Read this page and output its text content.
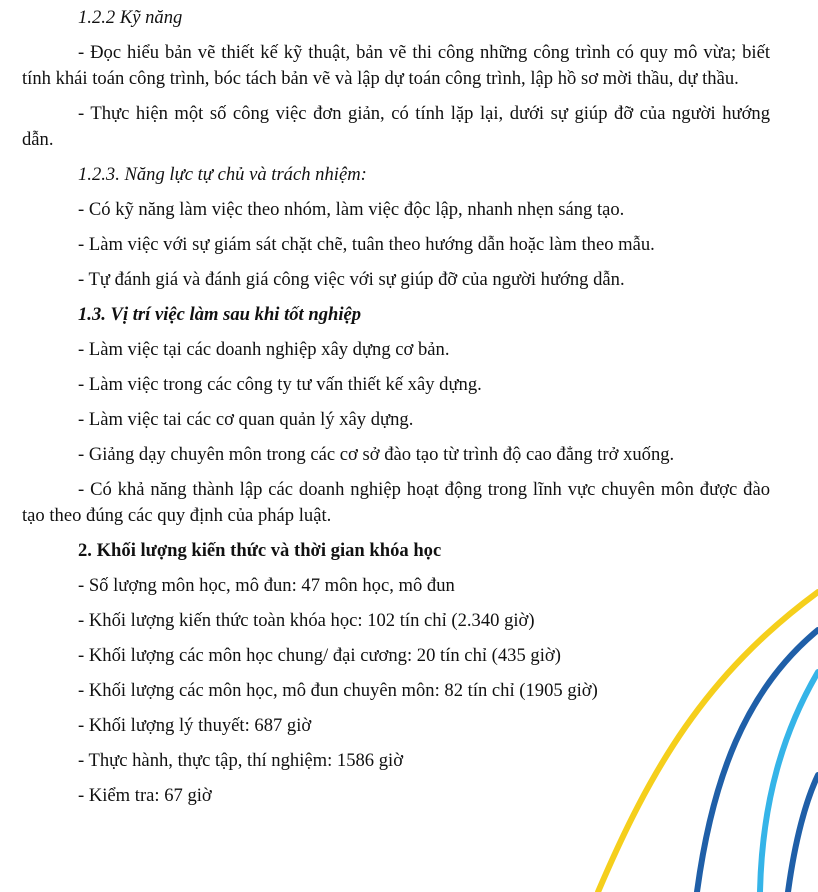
1.2.2 Kỹ năng

- Đọc hiểu bản vẽ thiết kế kỹ thuật, bản vẽ thi công những công trình có quy mô vừa; biết tính khái toán công trình, bóc tách bản vẽ và lập dự toán công trình, lập hồ sơ mời thầu, dự thầu.

- Thực hiện một số công việc đơn giản, có tính lặp lại, dưới sự giúp đỡ của người hướng dẫn.

1.2.3. Năng lực tự chủ và trách nhiệm:

- Có kỹ năng làm việc theo nhóm, làm việc độc lập, nhanh nhẹn sáng tạo.

- Làm việc với sự giám sát chặt chẽ, tuân theo hướng dẫn hoặc làm theo mẫu.

- Tự đánh giá và đánh giá công việc với sự giúp đỡ của người hướng dẫn.

1.3. Vị trí việc làm sau khi tốt nghiệp

- Làm việc tại các doanh nghiệp xây dựng cơ bản.

- Làm việc trong các công ty tư vấn thiết kế xây dựng.

- Làm việc tai các cơ quan quản lý xây dựng.

- Giảng dạy chuyên môn trong các cơ sở đào tạo từ trình độ cao đẳng trở xuống.

- Có khả năng thành lập các doanh nghiệp hoạt động trong lĩnh vực chuyên môn được đào tạo theo đúng các quy định của pháp luật.

2. Khối lượng kiến thức và thời gian khóa học

- Số lượng môn học, mô đun: 47 môn học, mô đun

- Khối lượng kiến thức toàn khóa học: 102 tín chỉ (2.340 giờ)

- Khối lượng các môn học chung/ đại cương: 20 tín chỉ (435 giờ)

- Khối lượng các môn học, mô đun chuyên môn: 82 tín chỉ (1905 giờ)

- Khối lượng lý thuyết: 687 giờ

- Thực hành, thực tập, thí nghiệm: 1586 giờ

- Kiểm tra: 67 giờ
